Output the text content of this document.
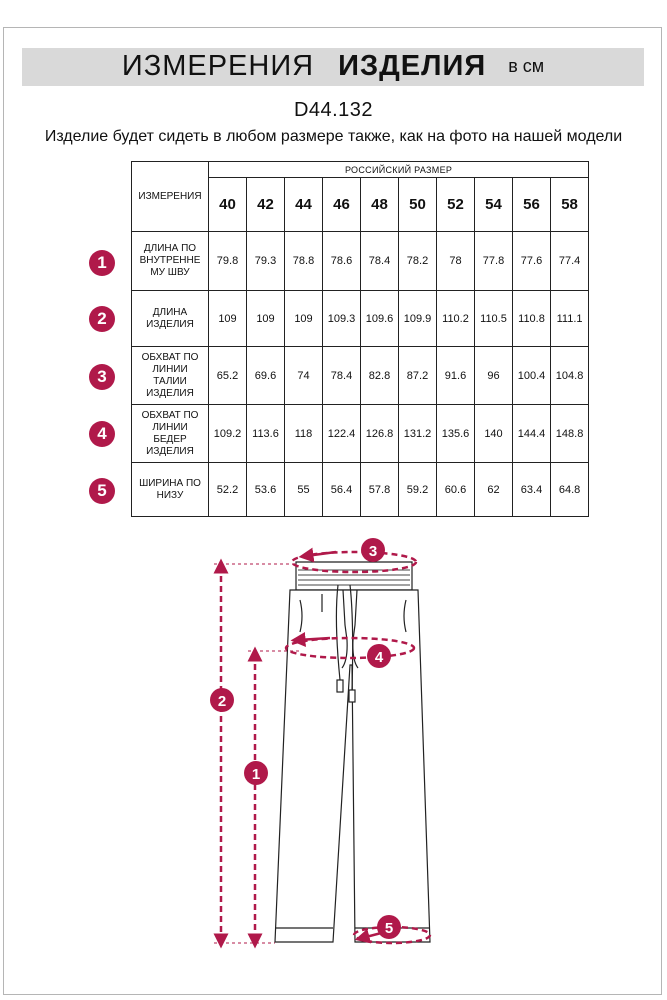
ИЗМЕРЕНИЯ ИЗДЕЛИЯ в см
D44.132
Изделие будет сидеть в любом размере также, как на фото на нашей модели
ИЗМЕРЕНИЯ	РОССИЙСКИЙ РАЗМЕР									
	40	42	44	46	48	50	52	54	56	58

ДЛИНА ПО
ВНУТРЕННЕ
МУ ШВУ	79.8	79.3	78.8	78.6	78.4	78.2	78	77.8	77.6	77.4

ДЛИНА
ИЗДЕЛИЯ	109	109	109	109.3	109.6	109.9	110.2	110.5	110.8	111.1

ОБХВАТ ПО
ЛИНИИ
ТАЛИИ
ИЗДЕЛИЯ	65.2	69.6	74	78.4	82.8	87.2	91.6	96	100.4	104.8

ОБХВАТ ПО
ЛИНИИ
БЕДЕР
ИЗДЕЛИЯ	109.2	113.6	118	122.4	126.8	131.2	135.6	140	144.4	148.8

ШИРИНА ПО
НИЗУ	52.2	53.6	55	56.4	57.8	59.2	60.6	62	63.4	64.8
1
2
3
4
5
3
4
2
1
5
